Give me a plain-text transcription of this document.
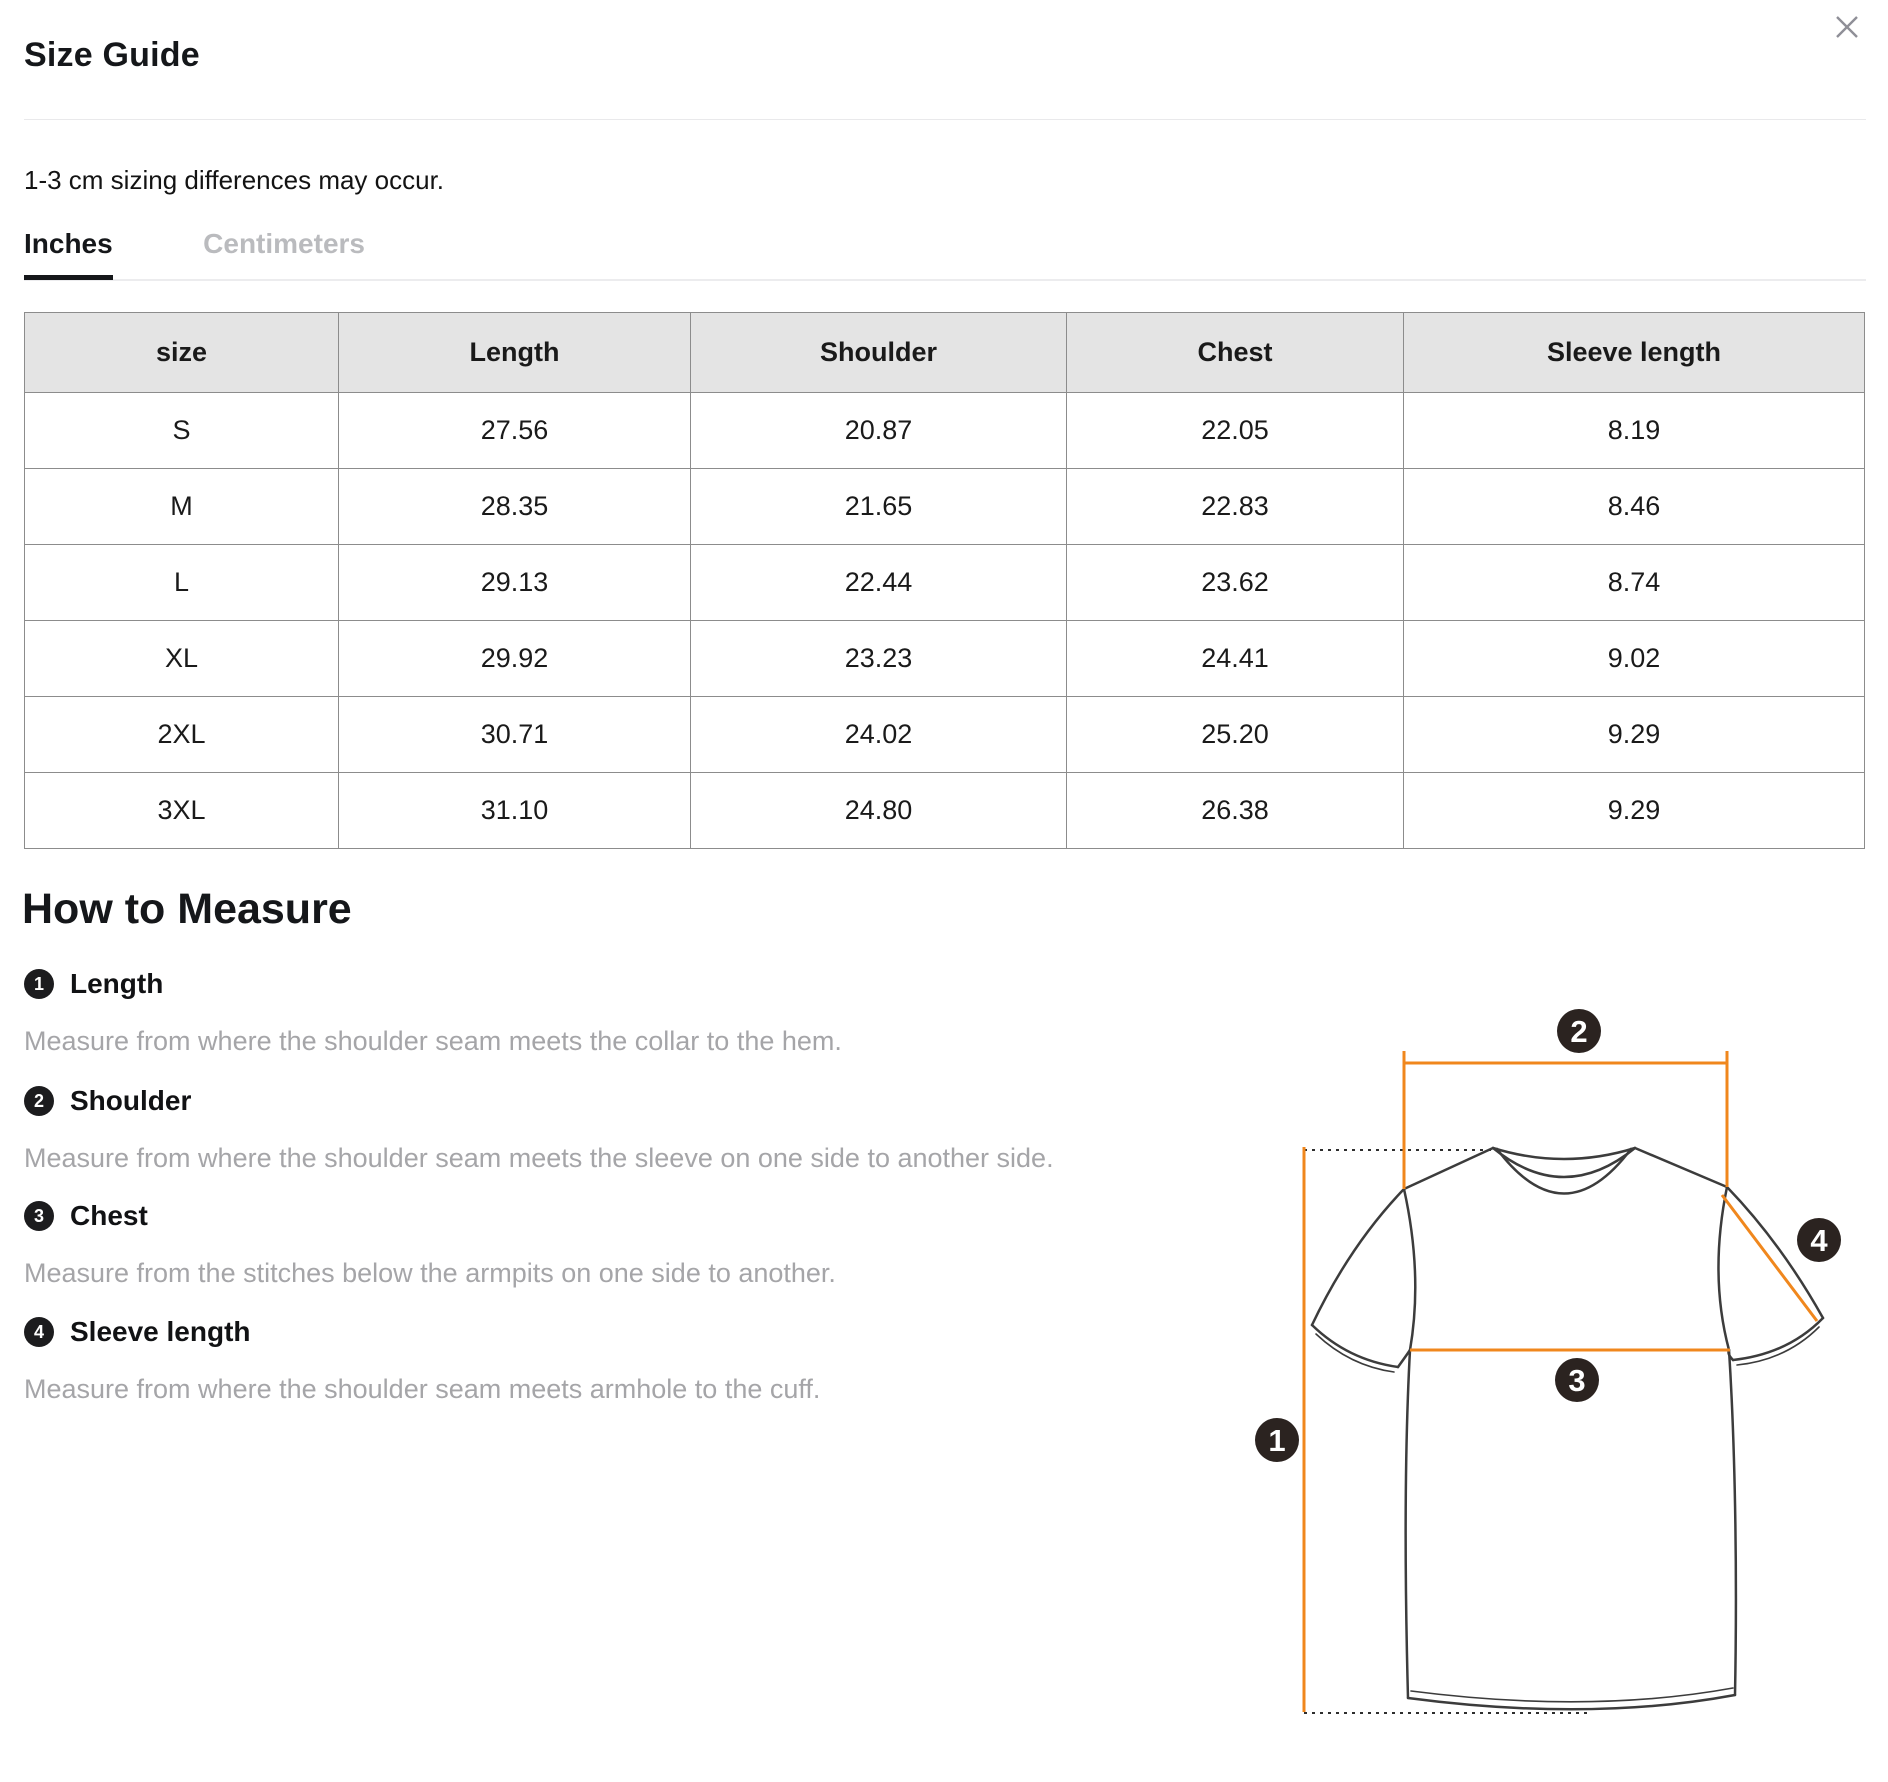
Size Guide
1-3 cm sizing differences may occur.
Inches	Centimeters
size	Length	Shoulder	Chest	Sleeve length
S	27.56	20.87	22.05	8.19
M	28.35	21.65	22.83	8.46
L	29.13	22.44	23.62	8.74
XL	29.92	23.23	24.41	9.02
2XL	30.71	24.02	25.20	9.29
3XL	31.10	24.80	26.38	9.29
How to Measure
1 Length
Measure from where the shoulder seam meets the collar to the hem.
2 Shoulder
Measure from where the shoulder seam meets the sleeve on one side to another side.
3 Chest
Measure from the stitches below the armpits on one side to another.
4 Sleeve length
Measure from where the shoulder seam meets armhole to the cuff.
2
4
3
1
